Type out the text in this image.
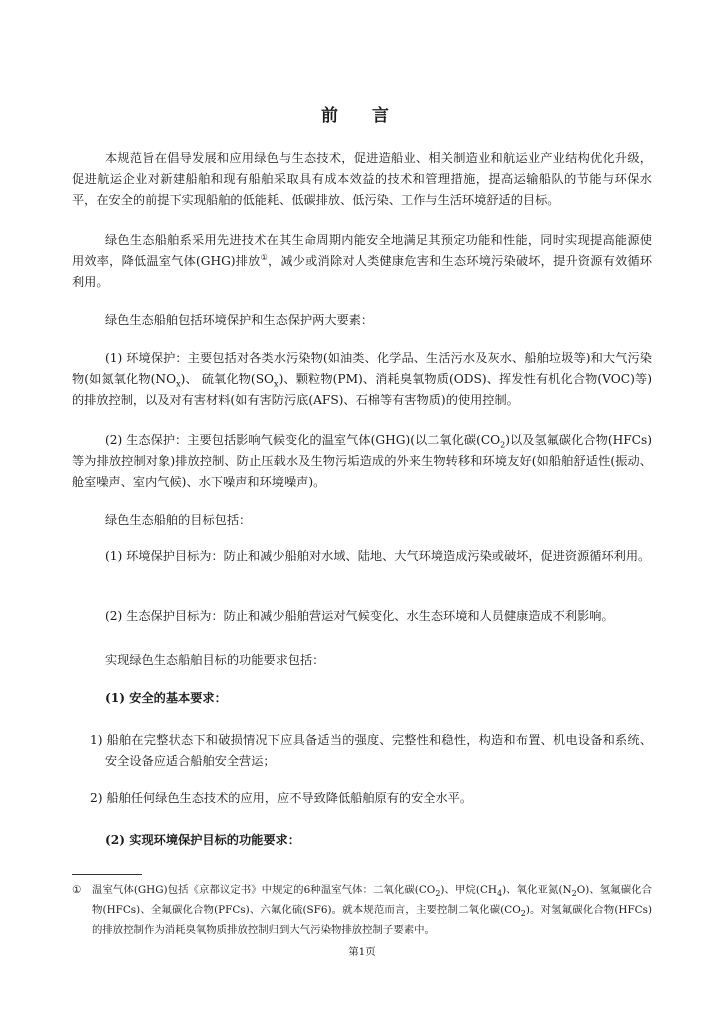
前 言

本规范旨在倡导发展和应用绿色与生态技术，促进造船业、相关制造业和航运业产业结构优化升级，促进航运企业对新建船舶和现有船舶采取具有成本效益的技术和管理措施，提高运输船队的节能与环保水平，在安全的前提下实现船舶的低能耗、低碳排放、低污染、工作与生活环境舒适的目标。

绿色生态船舶系采用先进技术在其生命周期内能安全地满足其预定功能和性能，同时实现提高能源使用效率，降低温室气体(GHG)排放①，减少或消除对人类健康危害和生态环境污染破坏，提升资源有效循环利用。

绿色生态船舶包括环境保护和生态保护两大要素：

(1) 环境保护：主要包括对各类水污染物(如油类、化学品、生活污水及灰水、船舶垃圾等)和大气污染物(如氮氧化物$(NO_x)$、 硫氧化物$(SO_x)$、颗粒物(PM)、消耗臭氧物质(ODS)、挥发性有机化合物(VOC)等)的排放控制，以及对有害材料(如有害防污底(AFS)、石棉等有害物质)的使用控制。

(2) 生态保护：主要包括影响气候变化的温室气体(GHG)(以二氧化碳$(CO_2)$以及氢氟碳化合物(HFCs)等为排放控制对象)排放控制、防止压载水及生物污垢造成的外来生物转移和环境友好(如船舶舒适性(振动、舱室噪声、室内气候)、水下噪声和环境噪声)。

绿色生态船舶的目标包括：

(1) 环境保护目标为：防止和减少船舶对水域、陆地、大气环境造成污染或破坏，促进资源循环利用。

(2) 生态保护目标为：防止和减少船舶营运对气候变化、水生态环境和人员健康造成不利影响。

实现绿色生态船舶目标的功能要求包括：

(1) 安全的基本要求：

1) 船舶在完整状态下和破损情况下应具备适当的强度、完整性和稳性，构造和布置、机电设备和系统、安全设备应适合船舶安全营运；

2) 船舶任何绿色生态技术的应用，应不导致降低船舶原有的安全水平。

(2) 实现环境保护目标的功能要求：

① 温室气体(GHG)包括《京都议定书》中规定的6种温室气体：二氧化碳$(CO_2)$、甲烷$(CH_4)$、氧化亚氮$(N_2O)$、氢氟碳化合物(HFCs)、全氟碳化合物(PFCs)、六氟化硫(SF6)。就本规范而言，主要控制二氧化碳$(CO_2)$。对氢氟碳化合物(HFCs)的排放控制作为消耗臭氧物质排放控制归到大气污染物排放控制子要素中。

第1页
